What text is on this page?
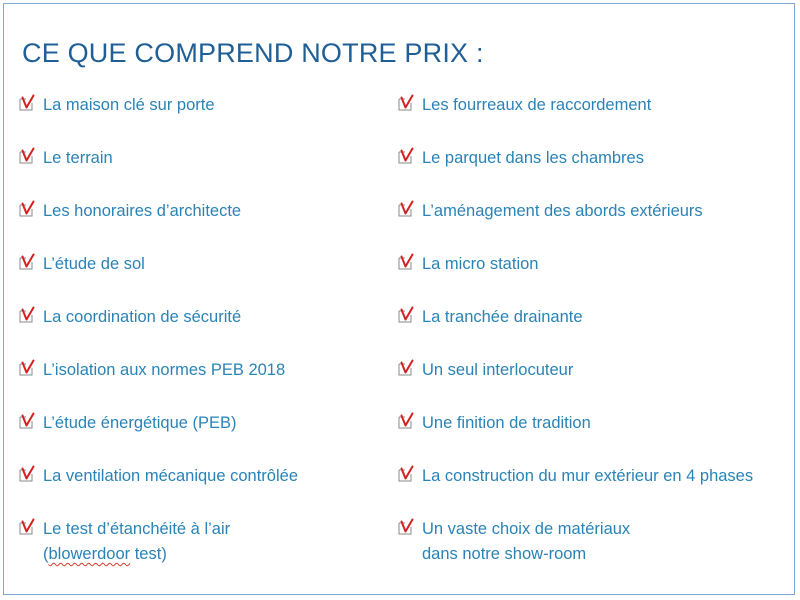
CE QUE COMPREND NOTRE PRIX :
La maison clé sur porte
Le terrain
Les honoraires d’architecte
L’étude de sol
La coordination de sécurité
L’isolation aux normes PEB 2018
L’étude énergétique (PEB)
La ventilation mécanique contrôlée
Le test d’étanchéité à l’air
(blowerdoor test)
Les fourreaux de raccordement
Le parquet dans les chambres
L’aménagement des abords extérieurs
La micro station
La tranchée drainante
Un seul interlocuteur
Une finition de tradition
La construction du mur extérieur en 4 phases
Un vaste choix de matériaux
dans notre show-room
